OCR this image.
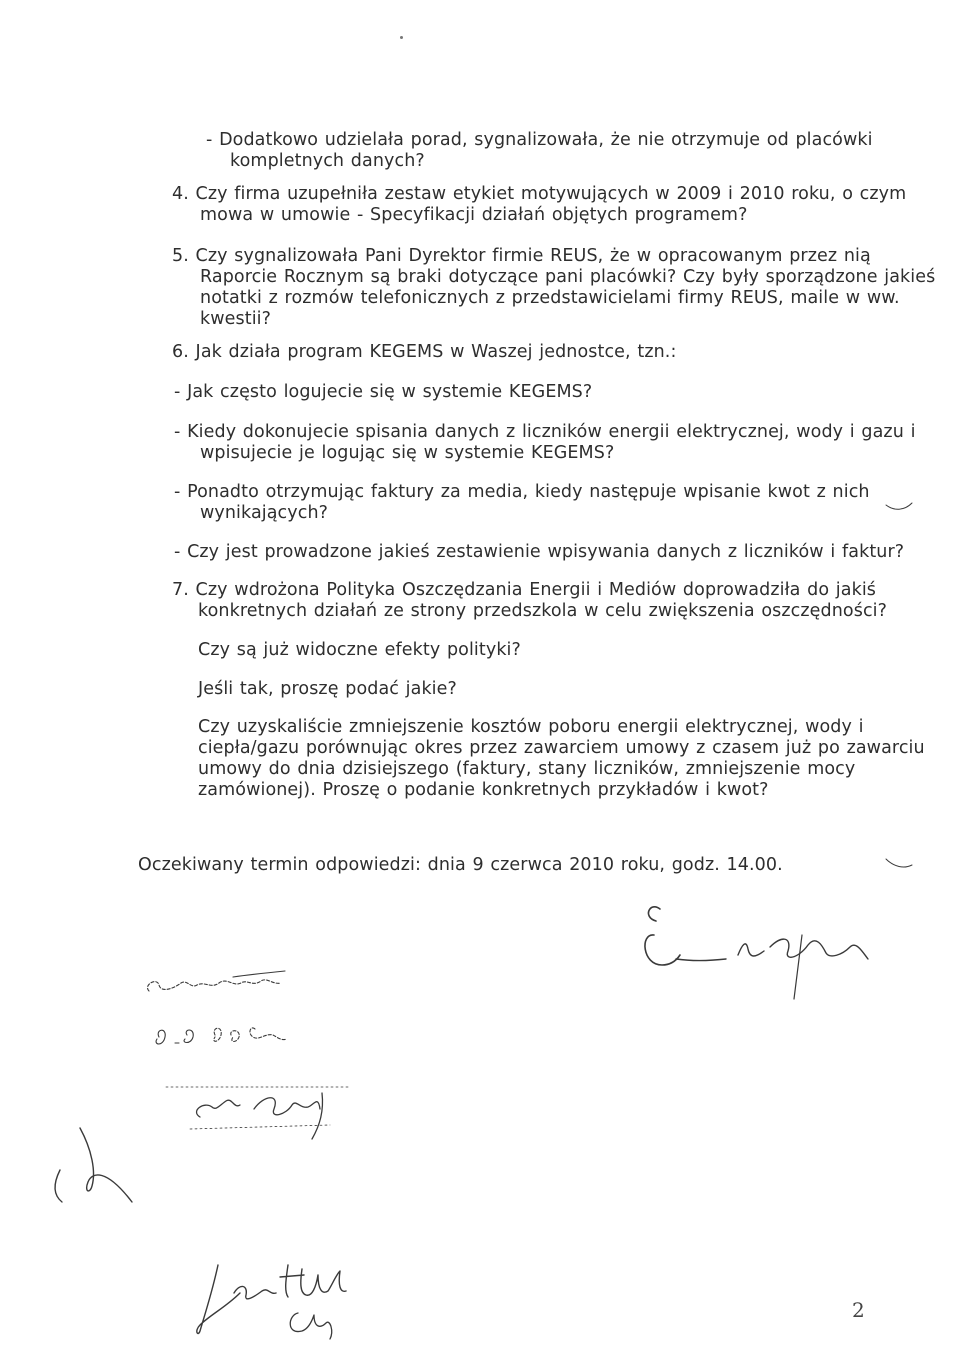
- Dodatkowo udzielała porad, sygnalizowała, że nie otrzymuje od placówki
kompletnych danych?
4. Czy firma uzupełniła zestaw etykiet motywujących w 2009 i 2010 roku, o czym
mowa w umowie - Specyfikacji działań objętych programem?
5. Czy sygnalizowała Pani Dyrektor firmie REUS, że w opracowanym przez nią
Raporcie Rocznym są braki dotyczące pani placówki? Czy były sporządzone jakieś
notatki z rozmów telefonicznych z przedstawicielami firmy REUS, maile w ww.
kwestii?
6. Jak działa program KEGEMS w Waszej jednostce, tzn.:
- Jak często logujecie się w systemie KEGEMS?
- Kiedy dokonujecie spisania danych z liczników energii elektrycznej, wody i gazu i
wpisujecie je logując się w systemie KEGEMS?
- Ponadto otrzymując faktury za media, kiedy następuje wpisanie kwot z nich
wynikających?
- Czy jest prowadzone jakieś zestawienie wpisywania danych z liczników i faktur?
7. Czy wdrożona Polityka Oszczędzania Energii i Mediów doprowadziła do jakiś
konkretnych działań ze strony przedszkola w celu zwiększenia oszczędności?
Czy są już widoczne efekty polityki?
Jeśli tak, proszę podać jakie?
Czy uzyskaliście zmniejszenie kosztów poboru energii elektrycznej, wody i
ciepła/gazu porównując okres przez zawarciem umowy z czasem już po zawarciu
umowy do dnia dzisiejszego (faktury, stany liczników, zmniejszenie mocy
zamówionej). Proszę o podanie konkretnych przykładów i kwot?
Oczekiwany termin odpowiedzi: dnia 9 czerwca 2010 roku, godz. 14.00.
2
